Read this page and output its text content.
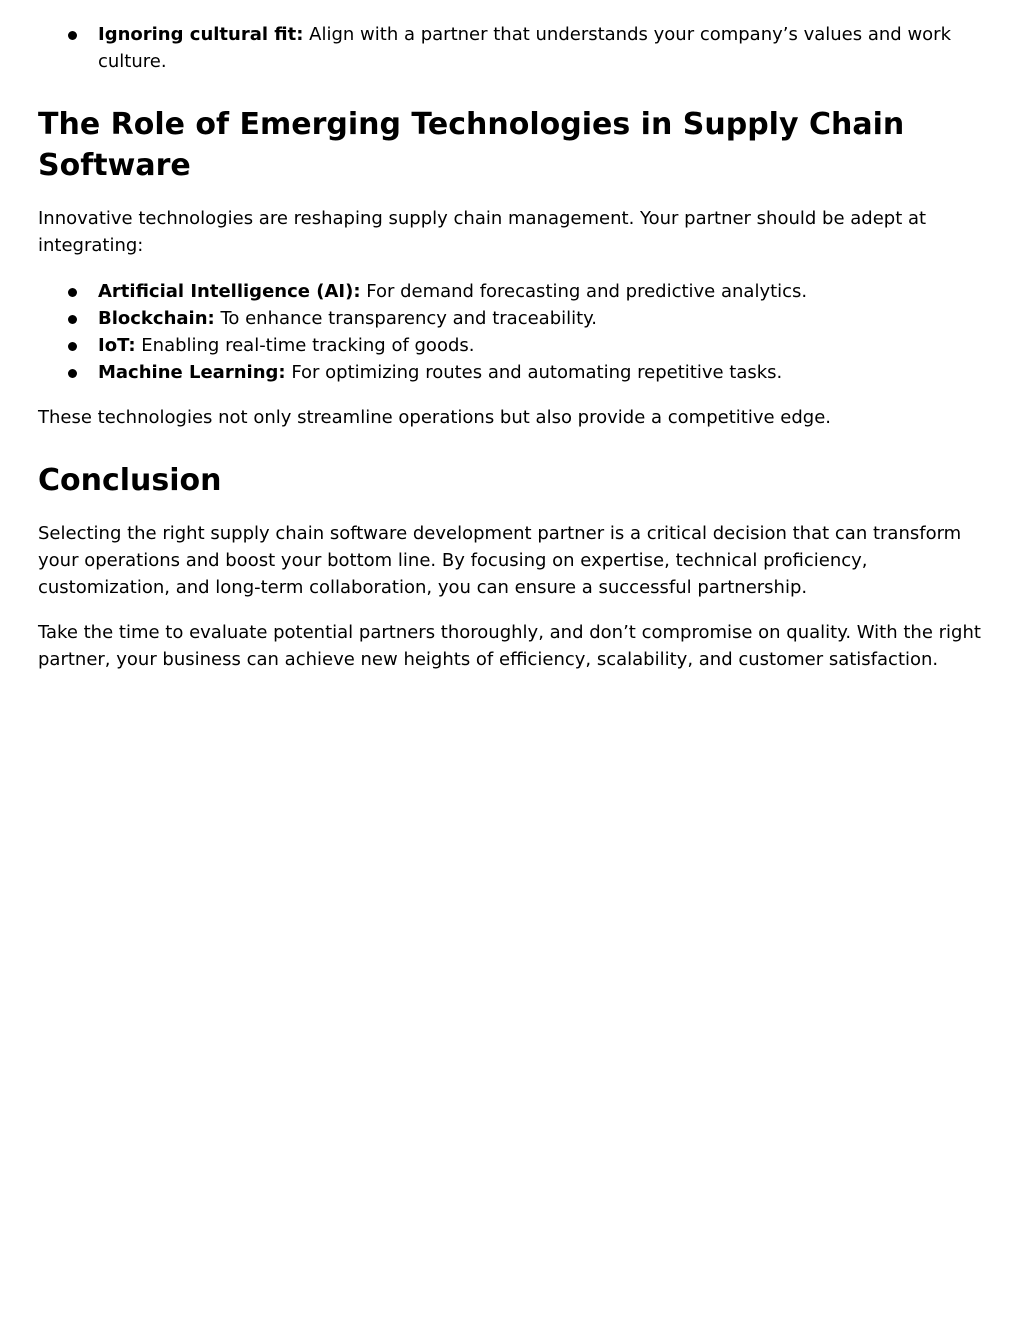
Ignoring cultural fit: Align with a partner that understands your company’s values and work culture.
The Role of Emerging Technologies in Supply Chain Software

Innovative technologies are reshaping supply chain management. Your partner should be adept at integrating:

Artificial Intelligence (AI): For demand forecasting and predictive analytics.
Blockchain: To enhance transparency and traceability.
IoT: Enabling real-time tracking of goods.
Machine Learning: For optimizing routes and automating repetitive tasks.

These technologies not only streamline operations but also provide a competitive edge.

Conclusion

Selecting the right supply chain software development partner is a critical decision that can transform your operations and boost your bottom line. By focusing on expertise, technical proficiency, customization, and long-term collaboration, you can ensure a successful partnership.

Take the time to evaluate potential partners thoroughly, and don’t compromise on quality. With the right partner, your business can achieve new heights of efficiency, scalability, and customer satisfaction.
